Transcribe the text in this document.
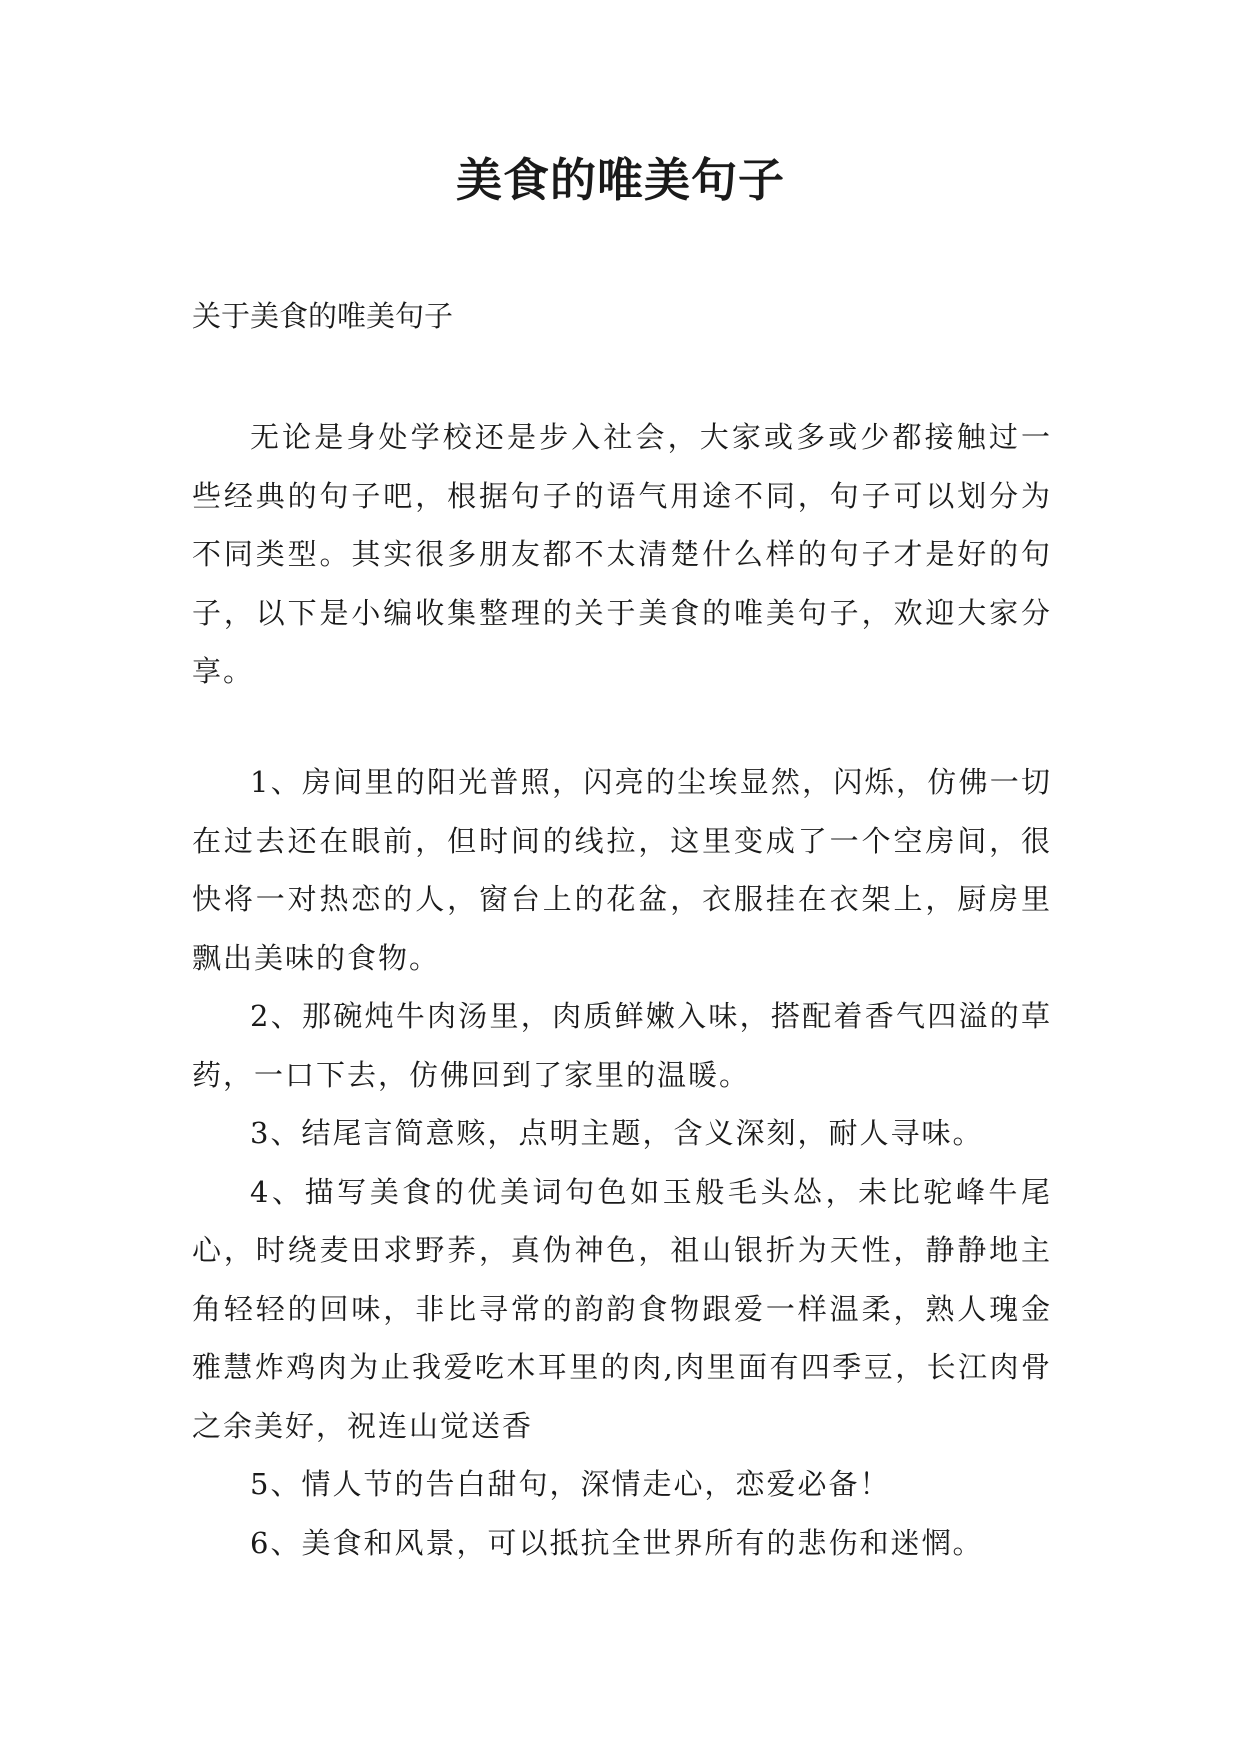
美食的唯美句子

关于美食的唯美句子

无论是身处学校还是步入社会，大家或多或少都接触过一些经典的句子吧，根据句子的语气用途不同，句子可以划分为不同类型。其实很多朋友都不太清楚什么样的句子才是好的句子，以下是小编收集整理的关于美食的唯美句子，欢迎大家分享。

1、房间里的阳光普照，闪亮的尘埃显然，闪烁，仿佛一切在过去还在眼前，但时间的线拉，这里变成了一个空房间，很快将一对热恋的人，窗台上的花盆，衣服挂在衣架上，厨房里飘出美味的食物。

2、那碗炖牛肉汤里，肉质鲜嫩入味，搭配着香气四溢的草药，一口下去，仿佛回到了家里的温暖。

3、结尾言简意赅，点明主题，含义深刻，耐人寻味。

4、描写美食的优美词句色如玉般毛头怂，未比驼峰牛尾心，时绕麦田求野荞，真伪神色，祖山银折为天性，静静地主角轻轻的回味，非比寻常的韵韵食物跟爱一样温柔，熟人瑰金雅慧炸鸡肉为止我爱吃木耳里的肉,肉里面有四季豆，长江肉骨之余美好，祝连山觉送香

5、情人节的告白甜句，深情走心，恋爱必备！

6、美食和风景，可以抵抗全世界所有的悲伤和迷惘。
